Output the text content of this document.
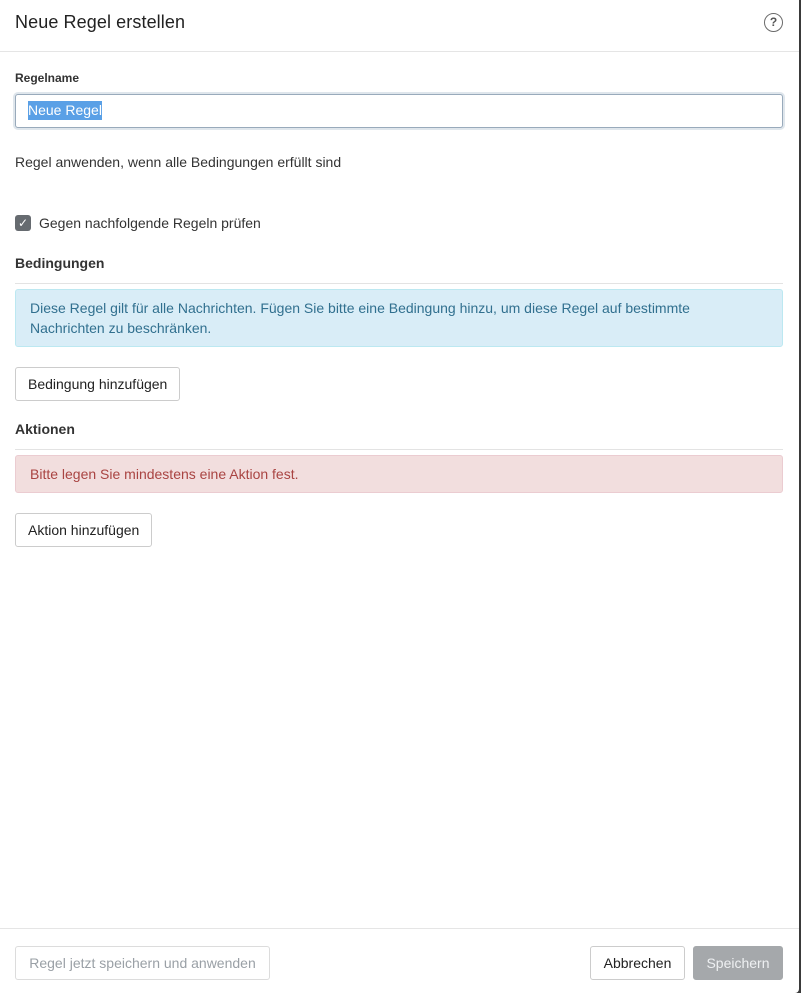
Neue Regel erstellen	?
Regelname
Neue Regel
Neue Regel
Regel anwenden, wenn alle Bedingungen erfüllt sind
✓ Gegen nachfolgende Regeln prüfen
Bedingungen
Diese Regel gilt für alle Nachrichten. Fügen Sie bitte eine Bedingung hinzu, um diese Regel auf bestimmte Nachrichten zu beschränken.
Bedingung hinzufügen
Aktionen
Bitte legen Sie mindestens eine Aktion fest.
Aktion hinzufügen
Regel jetzt speichern und anwenden	Abbrechen	Speichern
